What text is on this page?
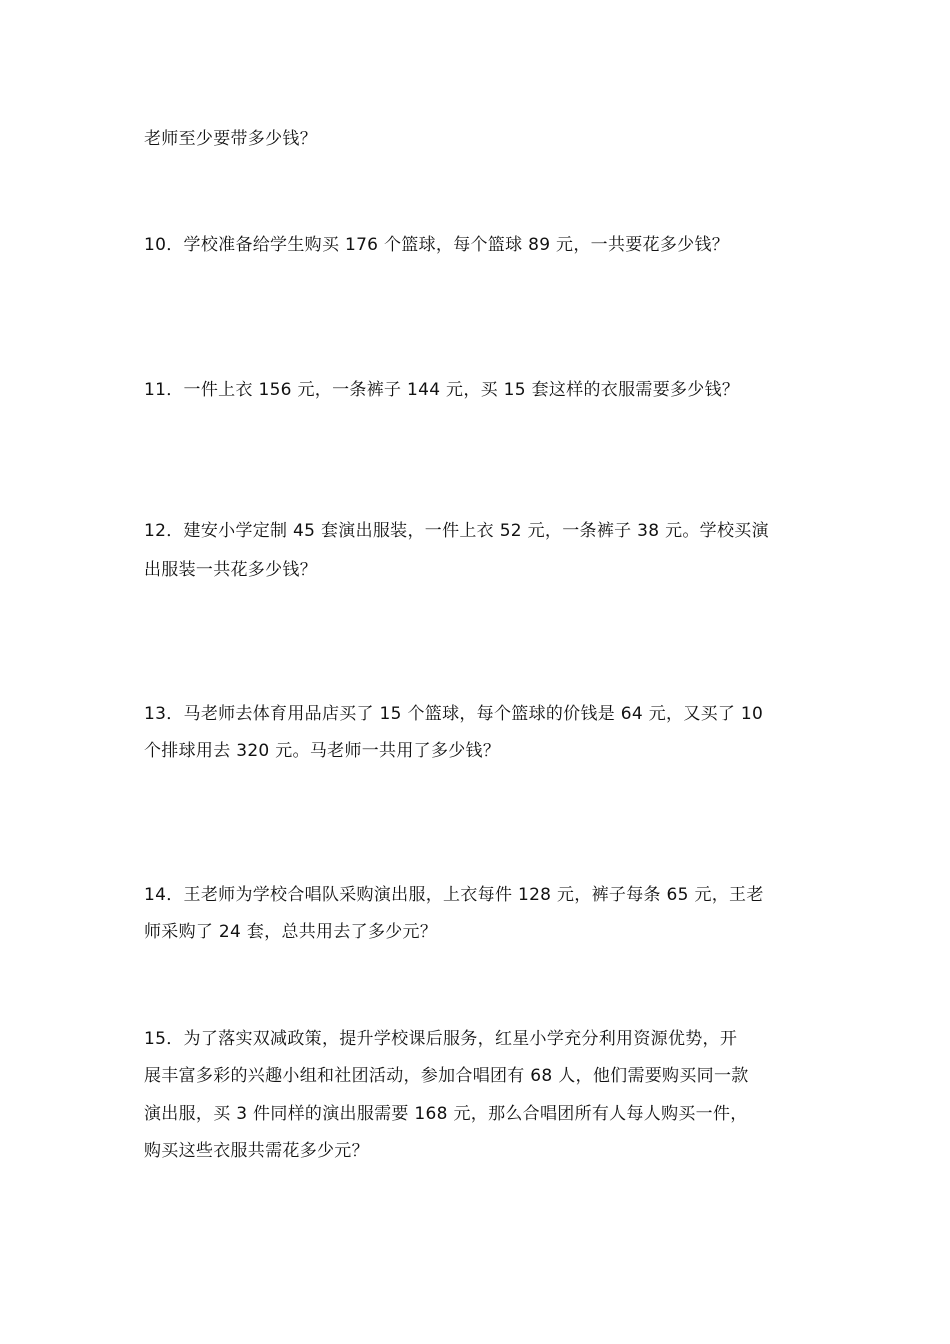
老师至少要带多少钱？
10．学校准备给学生购买 176 个篮球，每个篮球 89 元，一共要花多少钱？
11．一件上衣 156 元，一条裤子 144 元，买 15 套这样的衣服需要多少钱？
12．建安小学定制 45 套演出服装，一件上衣 52 元，一条裤子 38 元。学校买演
出服装一共花多少钱？
13．马老师去体育用品店买了 15 个篮球，每个篮球的价钱是 64 元，又买了 10
个排球用去 320 元。马老师一共用了多少钱？
14．王老师为学校合唱队采购演出服，上衣每件 128 元，裤子每条 65 元，王老
师采购了 24 套，总共用去了多少元？
15．为了落实双减政策，提升学校课后服务，红星小学充分利用资源优势，开
展丰富多彩的兴趣小组和社团活动，参加合唱团有 68 人，他们需要购买同一款
演出服，买 3 件同样的演出服需要 168 元，那么合唱团所有人每人购买一件，
购买这些衣服共需花多少元？
